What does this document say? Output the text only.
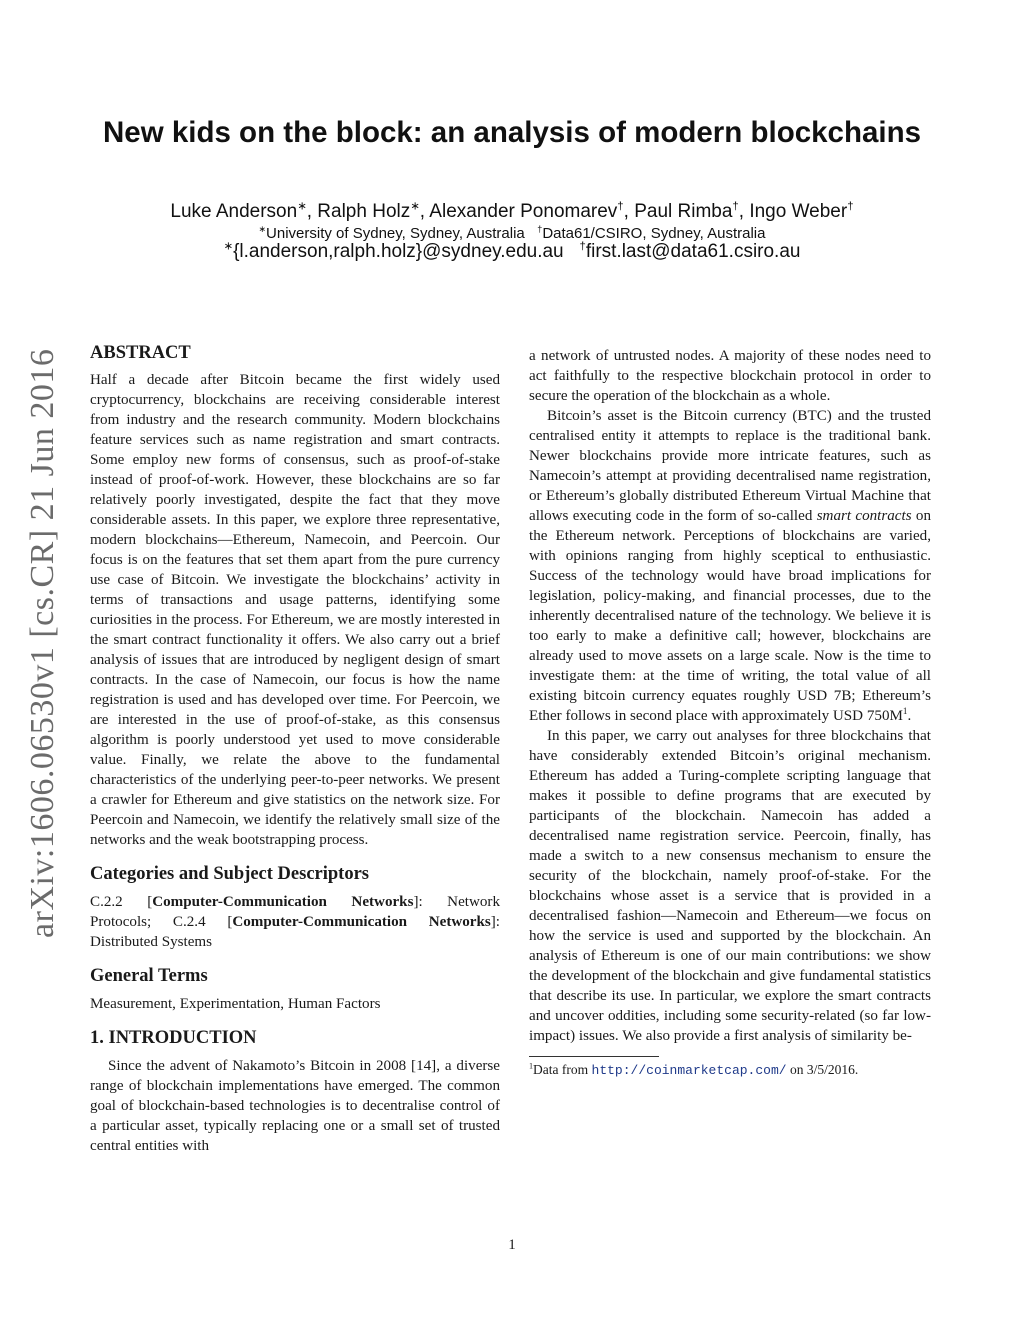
arXiv:1606.06530v1 [cs.CR] 21 Jun 2016
New kids on the block: an analysis of modern blockchains
Luke Anderson∗, Ralph Holz∗, Alexander Ponomarev†, Paul Rimba†, Ingo Weber†
∗University of Sydney, Sydney, Australia †Data61/CSIRO, Sydney, Australia
∗{l.anderson,ralph.holz}@sydney.edu.au †first.last@data61.csiro.au
ABSTRACT

Half a decade after Bitcoin became the first widely used cryptocurrency, blockchains are receiving considerable interest from industry and the research community. Modern blockchains feature services such as name registration and smart contracts. Some employ new forms of consensus, such as proof-of-stake instead of proof-of-work. However, these blockchains are so far relatively poorly investigated, despite the fact that they move considerable assets. In this paper, we explore three representative, modern blockchains—Ethereum, Namecoin, and Peercoin. Our focus is on the features that set them apart from the pure currency use case of Bitcoin. We investigate the blockchains’ activity in terms of transactions and usage patterns, identifying some curiosities in the process. For Ethereum, we are mostly interested in the smart contract functionality it offers. We also carry out a brief analysis of issues that are introduced by negligent design of smart contracts. In the case of Namecoin, our focus is how the name registration is used and has developed over time. For Peercoin, we are interested in the use of proof-of-stake, as this consensus algorithm is poorly understood yet used to move considerable value. Finally, we relate the above to the fundamental characteristics of the underlying peer-to-peer networks. We present a crawler for Ethereum and give statistics on the network size. For Peercoin and Namecoin, we identify the relatively small size of the networks and the weak bootstrapping process.

Categories and Subject Descriptors

C.2.2 [Computer-Communication Networks]: Network Protocols; C.2.4 [Computer-Communication Networks]: Distributed Systems

General Terms

Measurement, Experimentation, Human Factors

1. INTRODUCTION

Since the advent of Nakamoto’s Bitcoin in 2008 [14], a diverse range of blockchain implementations have emerged. The common goal of blockchain-based technologies is to decentralise control of a particular asset, typically replacing one or a small set of trusted central entities with

a network of untrusted nodes. A majority of these nodes need to act faithfully to the respective blockchain protocol in order to secure the operation of the blockchain as a whole.

Bitcoin’s asset is the Bitcoin currency (BTC) and the trusted centralised entity it attempts to replace is the traditional bank. Newer blockchains provide more intricate features, such as Namecoin’s attempt at providing decentralised name registration, or Ethereum’s globally distributed Ethereum Virtual Machine that allows executing code in the form of so-called smart contracts on the Ethereum network. Perceptions of blockchains are varied, with opinions ranging from highly sceptical to enthusiastic. Success of the technology would have broad implications for legislation, policy-making, and financial processes, due to the inherently decentralised nature of the technology. We believe it is too early to make a definitive call; however, blockchains are already used to move assets on a large scale. Now is the time to investigate them: at the time of writing, the total value of all existing bitcoin currency equates roughly USD 7B; Ethereum’s Ether follows in second place with approximately USD $750M^1$.

In this paper, we carry out analyses for three blockchains that have considerably extended Bitcoin’s original mechanism. Ethereum has added a Turing-complete scripting language that makes it possible to define programs that are executed by participants of the blockchain. Namecoin has added a decentralised name registration service. Peercoin, finally, has made a switch to a new consensus mechanism to ensure the security of the blockchain, namely proof-of-stake. For the blockchains whose asset is a service that is provided in a decentralised fashion—Namecoin and Ethereum—we focus on how the service is used and supported by the blockchain. An analysis of Ethereum is one of our main contributions: we show the development of the blockchain and give fundamental statistics that describe its use. In particular, we explore the smart contracts and uncover oddities, including some security-related (so far low-impact) issues. We also provide a first analysis of similarity be-

$^1$Data from http://coinmarketcap.com/ on 3/5/2016.
1
